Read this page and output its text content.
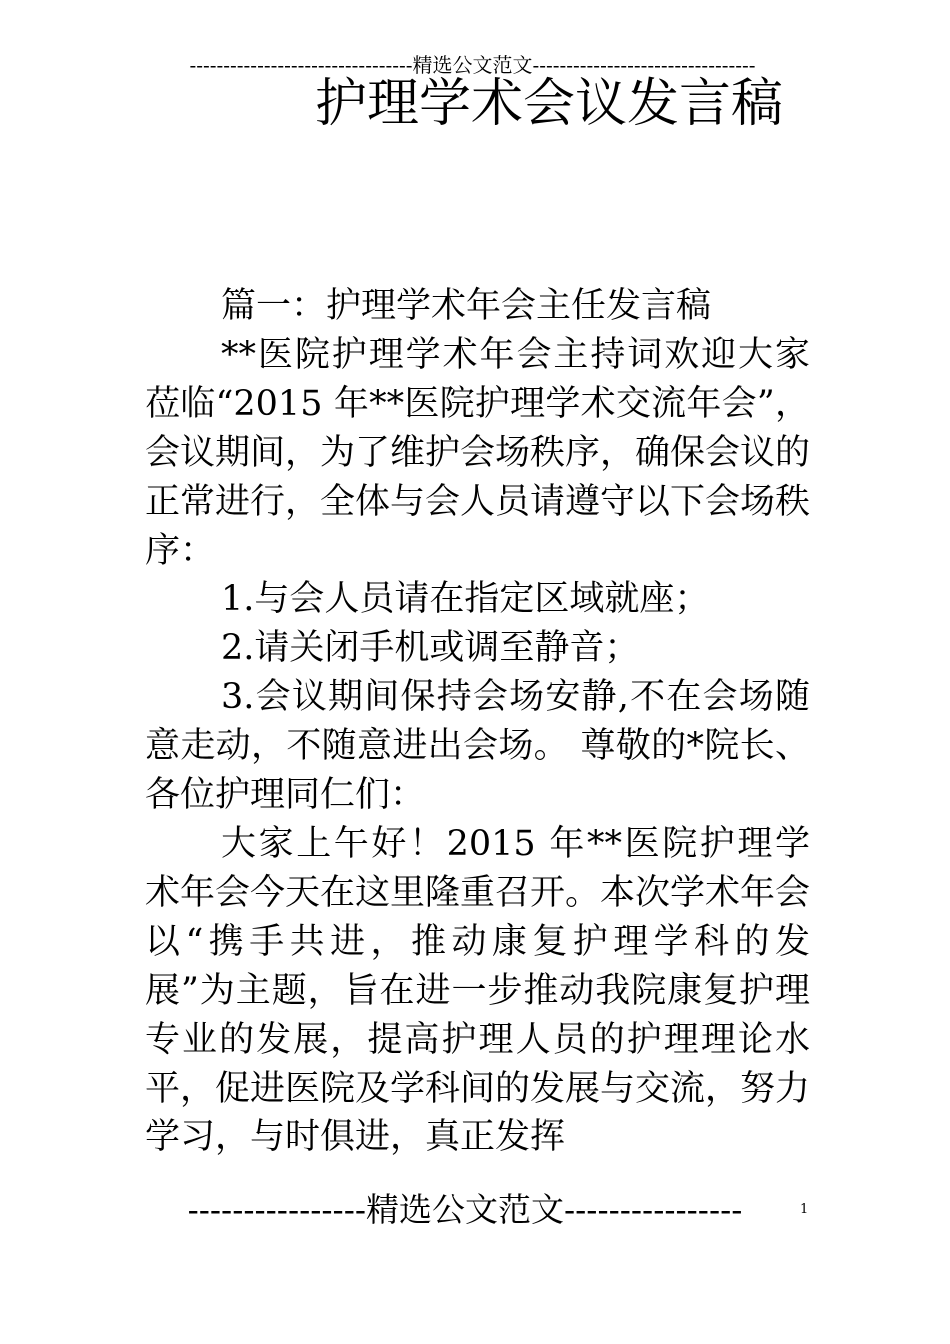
---------------------------------精选公文范文---------------------------------
护理学术会议发言稿

篇一：护理学术年会主任发言稿

**医院护理学术年会主持词欢迎大家莅临“2015 年**医院护理学术交流年会”，会议期间，为了维护会场秩序，确保会议的正常进行，全体与会人员请遵守以下会场秩序：

1.与会人员请在指定区域就座；

2.请关闭手机或调至静音；

3.会议期间保持会场安静,不在会场随意走动，不随意进出会场。 尊敬的*院长、各位护理同仁们：

大家上午好！2015 年**医院护理学术年会今天在这里隆重召开。本次学术年会以“携手共进，推动康复护理学科的发展”为主题，旨在进一步推动我院康复护理专业的发展，提高护理人员的护理理论水平，促进医院及学科间的发展与交流，努力学习，与时俱进，真正发挥

----------------精选公文范文----------------	1
